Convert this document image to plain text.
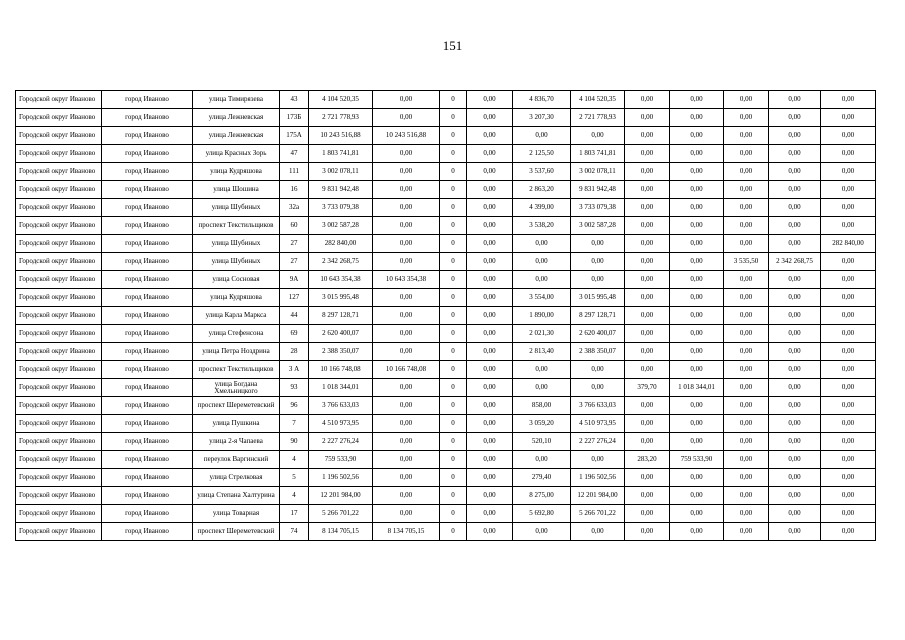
151
Городской округ Иваново	город Иваново	улица Тимирязева	43	4 104 520,35	0,00	0	0,00	4 836,70	4 104 520,35	0,00	0,00	0,00	0,00	0,00
Городской округ Иваново	город Иваново	улица Лежневская	173Б	2 721 778,93	0,00	0	0,00	3 207,30	2 721 778,93	0,00	0,00	0,00	0,00	0,00
Городской округ Иваново	город Иваново	улица Лежневская	175А	10 243 516,88	10 243 516,88	0	0,00	0,00	0,00	0,00	0,00	0,00	0,00	0,00
Городской округ Иваново	город Иваново	улица Красных Зорь	47	1 803 741,81	0,00	0	0,00	2 125,50	1 803 741,81	0,00	0,00	0,00	0,00	0,00
Городской округ Иваново	город Иваново	улица Кудряшова	111	3 002 078,11	0,00	0	0,00	3 537,60	3 002 078,11	0,00	0,00	0,00	0,00	0,00
Городской округ Иваново	город Иваново	улица Шошина	16	9 831 942,48	0,00	0	0,00	2 863,20	9 831 942,48	0,00	0,00	0,00	0,00	0,00
Городской округ Иваново	город Иваново	улица Шубиных	32а	3 733 079,38	0,00	0	0,00	4 399,00	3 733 079,38	0,00	0,00	0,00	0,00	0,00
Городской округ Иваново	город Иваново	проспект Текстильщиков	60	3 002 587,28	0,00	0	0,00	3 538,20	3 002 587,28	0,00	0,00	0,00	0,00	0,00
Городской округ Иваново	город Иваново	улица Шубиных	27	282 840,00	0,00	0	0,00	0,00	0,00	0,00	0,00	0,00	0,00	282 840,00
Городской округ Иваново	город Иваново	улица Шубиных	27	2 342 268,75	0,00	0	0,00	0,00	0,00	0,00	0,00	3 535,50	2 342 268,75	0,00
Городской округ Иваново	город Иваново	улица Сосновая	9А	10 643 354,38	10 643 354,38	0	0,00	0,00	0,00	0,00	0,00	0,00	0,00	0,00
Городской округ Иваново	город Иваново	улица Кудряшова	127	3 015 995,48	0,00	0	0,00	3 554,00	3 015 995,48	0,00	0,00	0,00	0,00	0,00
Городской округ Иваново	город Иваново	улица Карла Маркса	44	8 297 128,71	0,00	0	0,00	1 890,00	8 297 128,71	0,00	0,00	0,00	0,00	0,00
Городской округ Иваново	город Иваново	улица Стефенсона	69	2 620 400,07	0,00	0	0,00	2 021,30	2 620 400,07	0,00	0,00	0,00	0,00	0,00
Городской округ Иваново	город Иваново	улица Петра Ноздрина	28	2 388 350,07	0,00	0	0,00	2 813,40	2 388 350,07	0,00	0,00	0,00	0,00	0,00
Городской округ Иваново	город Иваново	проспект Текстильщиков	3 А	10 166 748,08	10 166 748,08	0	0,00	0,00	0,00	0,00	0,00	0,00	0,00	0,00
Городской округ Иваново	город Иваново	улица Богдана Хмельницкого	93	1 018 344,01	0,00	0	0,00	0,00	0,00	379,70	1 018 344,01	0,00	0,00	0,00
Городской округ Иваново	город Иваново	проспект Шереметевский	96	3 766 633,03	0,00	0	0,00	858,00	3 766 633,03	0,00	0,00	0,00	0,00	0,00
Городской округ Иваново	город Иваново	улица Пушкина	7	4 510 973,95	0,00	0	0,00	3 059,20	4 510 973,95	0,00	0,00	0,00	0,00	0,00
Городской округ Иваново	город Иваново	улица 2-я Чапаева	90	2 227 276,24	0,00	0	0,00	520,10	2 227 276,24	0,00	0,00	0,00	0,00	0,00
Городской округ Иваново	город Иваново	переулок Варгинский	4	759 533,90	0,00	0	0,00	0,00	0,00	283,20	759 533,90	0,00	0,00	0,00
Городской округ Иваново	город Иваново	улица Стрелковая	5	1 196 502,56	0,00	0	0,00	279,40	1 196 502,56	0,00	0,00	0,00	0,00	0,00
Городской округ Иваново	город Иваново	улица Степана Халтурина	4	12 201 984,00	0,00	0	0,00	8 275,00	12 201 984,00	0,00	0,00	0,00	0,00	0,00
Городской округ Иваново	город Иваново	улица Товарная	17	5 266 701,22	0,00	0	0,00	5 692,80	5 266 701,22	0,00	0,00	0,00	0,00	0,00
Городской округ Иваново	город Иваново	проспект Шереметевский	74	8 134 705,15	8 134 705,15	0	0,00	0,00	0,00	0,00	0,00	0,00	0,00	0,00
